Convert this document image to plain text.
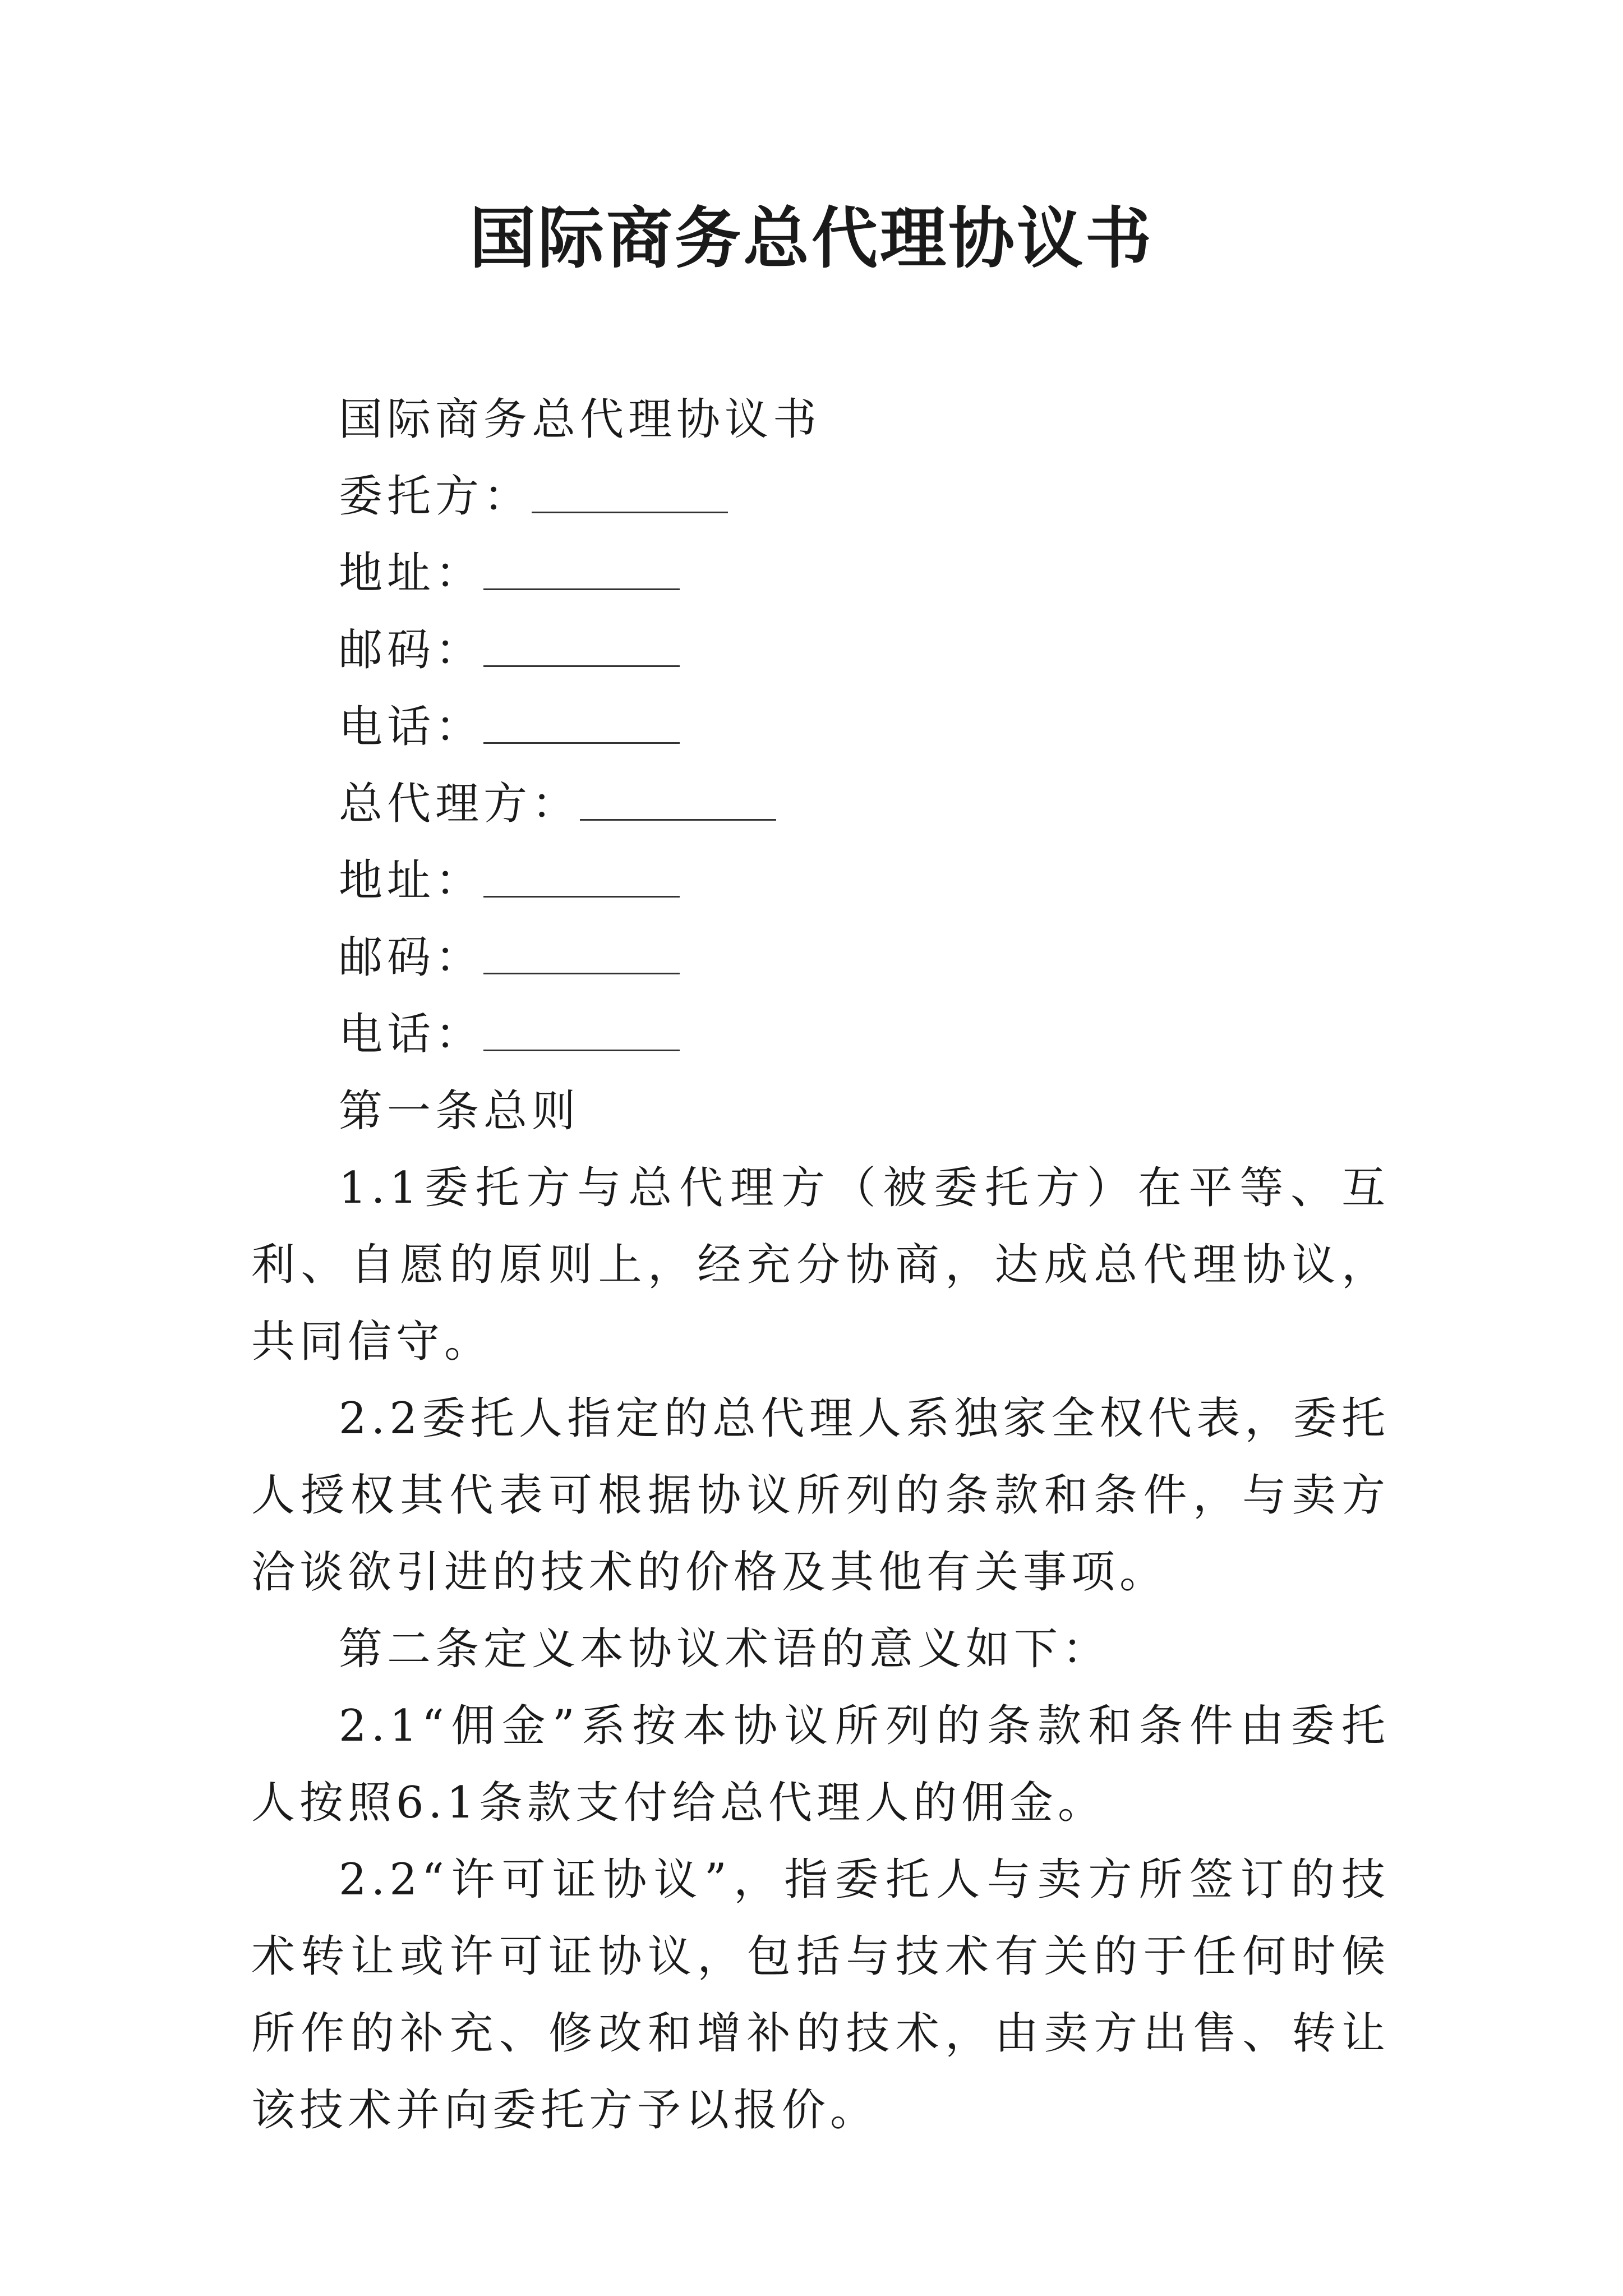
国际商务总代理协议书
国际商务总代理协议书
委托方：
地址：
邮码：
电话：
总代理方：
地址：
邮码：
电话：
第一条总则
1.1委托方与总代理方（被委托方）在平等、互利、自愿的原则上，经充分协商，达成总代理协议，共同信守。
2.2委托人指定的总代理人系独家全权代表，委托人授权其代表可根据协议所列的条款和条件，与卖方洽谈欲引进的技术的价格及其他有关事项。
第二条定义本协议术语的意义如下：
2.1“佣金”系按本协议所列的条款和条件由委托人按照6.1条款支付给总代理人的佣金。
2.2“许可证协议”，指委托人与卖方所签订的技术转让或许可证协议，包括与技术有关的于任何时候所作的补充、修改和增补的技术，由卖方出售、转让该技术并向委托方予以报价。
